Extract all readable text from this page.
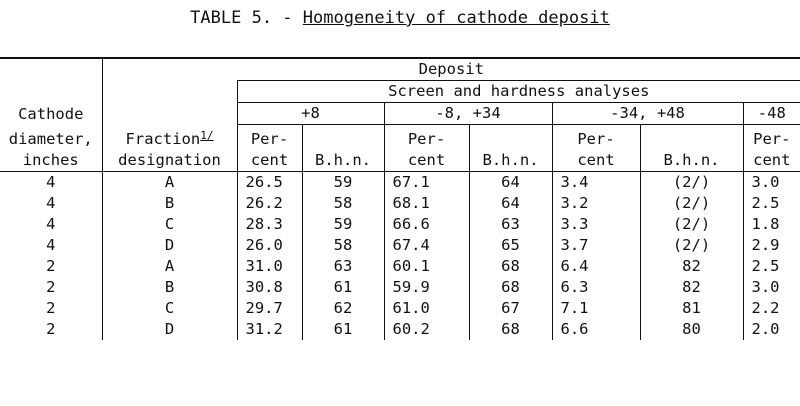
TABLE 5. - Homogeneity of cathode deposit
	Deposit							
		Screen and hardness analyses						
Cathode		+8		-8, +34		-34, +48		-48
diameter,	Fraction$^{1/}$	Per-		Per-		Per-		Per-
inches	designation	cent	B.h.n.	cent	B.h.n.	cent	B.h.n.	cent
4	A	26.5	59	67.1	64	3.4	(2/)	3.0
4	B	26.2	58	68.1	64	3.2	(2/)	2.5
4	C	28.3	59	66.6	63	3.3	(2/)	1.8
4	D	26.0	58	67.4	65	3.7	(2/)	2.9
2	A	31.0	63	60.1	68	6.4	82	2.5
2	B	30.8	61	59.9	68	6.3	82	3.0
2	C	29.7	62	61.0	67	7.1	81	2.2
2	D	31.2	61	60.2	68	6.6	80	2.0
